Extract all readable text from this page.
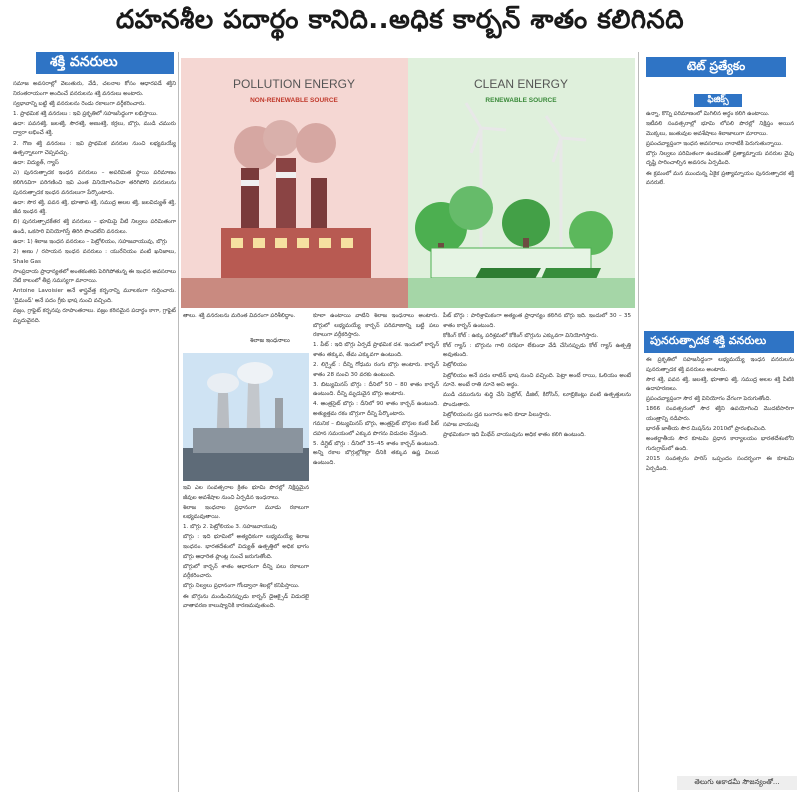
దహనశీల పదార్థం కానిది..అధిక కార్బన్ శాతం కలిగినది
శక్తి వనరులు

సమాజ అవసరాల్లో వెలుతురు, వేడి, చలనాల కోసం ఆధారపడే శక్తిని నిరంతరాయంగా అందించే వనరులను శక్తి వనరులు అంటారు.

స్వభావాన్ని బట్టి శక్తి వనరులను రెండు రకాలుగా వర్గీకరించారు.

1. ప్రాథమిక శక్తి వనరులు : ఇవి ప్రకృతిలో సహజసిద్ధంగా లభిస్తాయి.

ఉదా: పవనశక్తి, జలశక్తి, సౌరశక్తి, అణుశక్తి, కర్రలు, బొగ్గు, ముడి చమురు ద్వారా లభించే శక్తి.

2. గౌణ శక్తి వనరులు : ఇవి ప్రాథమిక వనరుల నుంచి లభ్యమయ్యే ఉత్పన్నాలుగా చెప్పవచ్చు.

ఉదా: విద్యుత్, గ్యాస్

ఎ) పునరుత్పాదక ఇంధన వనరులు – అపరిమిత స్థాయి పరిమాణం కలిగినవిగా పరిగణించి ఇవి ఎంత వినియోగించినా తరిగిపోని వనరులను పునరుత్పాదక ఇంధన వనరులుగా పేర్కొంటారు.

ఉదా: సౌర శక్తి, పవన శక్తి, భూతాప శక్తి, సముద్ర అలల శక్తి, జలవిద్యుత్ శక్తి, జీవ ఇంధన శక్తి.

బి) పునరుత్పాదకేతర శక్తి వనరులు – భూమిపై వీటి నిల్వలు పరిమితంగా ఉండి, ఒకసారి వినియోగిస్తే తిరిగి పొందలేని వనరులు.

ఉదా: 1) శిలాజ ఇంధన వనరులు – పెట్రోలియం, సహజవాయువు, బొగ్గు

2) అణు / రసాయన ఇంధన వనరులు : యురేనియం వంటి ఖనిజాలు, Shale Gas

సాంప్రదాయ ప్రాధాన్యతలో అంతకంతకు పెరిగిపోతున్న ఈ ఇంధన అవసరాలు నేటి కాలంలో తీవ్ర సమస్యగా మారాయి.

Antoine Lavoisier అనే శాస్త్రవేత్త కర్బనాన్ని మూలకంగా గుర్తించారు. 'డైమండ్' అనే పదం గ్రీకు భాష నుంచి వచ్చింది.

వజ్రం, గ్రాఫైట్ కర్బనపు రూపాంతరాలు. వజ్రం కఠినమైన పదార్థం కాగా, గ్రాఫైట్ మృదువైనది.

POLLUTION ENERGY
NON-RENEWABLE SOURCE
CLEAN ENERGY
RENEWABLE SOURCE

తాలు. శక్తి వనరులను మరింత వివరంగా పరిశీలిద్దాం.

శిలాజ ఇంధనాలు

ఇవి ఎల సంవత్సరాల క్రితం భూమి పొరల్లో నిక్షిప్తమైన జీవుల అవశేషాల నుంచి ఏర్పడిన ఇంధనాలు.

శిలాజ ఇంధనాల ప్రధానంగా మూడు రకాలుగా లభ్యమవుతాయి.

1. బొగ్గు 2. పెట్రోలియం 3. సహజవాయువు

బొగ్గు : ఇది భూమిలో అత్యధికంగా లభ్యమయ్యే శిలాజ ఇంధనం. భారతదేశంలో విద్యుత్ ఉత్పత్తిలో అధిక భాగం బొగ్గు ఆధారిత ప్లాంట్ల నుంచే జరుగుతోంది.

బొగ్గులో కార్బన్ శాతం ఆధారంగా దీన్ని పలు రకాలుగా వర్గీకరించారు.

బొగ్గు నిల్వలు ప్రధానంగా గోండ్వానా శిలల్లో కనిపిస్తాయి.

ఈ బొగ్గును మండించినప్పుడు కార్బన్ డైఆక్సైడ్ విడుదలై వాతావరణ కాలుష్యానికి కారణమవుతుంది.

కూలా ఉంటాయి వాటిని శిలాజ ఇంధనాలు అంటారు. బొగ్గులో లభ్యమయ్యే కార్బన్ పరిమాణాన్ని బట్టి పలు రకాలుగా వర్గీకరిస్తారు.

1. పీట్ : ఇది బొగ్గు ఏర్పడే ప్రాథమిక దశ. ఇందులో కార్బన్ శాతం తక్కువ, తేమ ఎక్కువగా ఉంటుంది.

2. లిగ్నైట్ : దీన్ని గోధుమ రంగు బొగ్గు అంటారు. కార్బన్ శాతం 28 నుంచి 30 వరకు ఉంటుంది.

3. బిట్యుమినస్ బొగ్గు : దీనిలో 50 – 80 శాతం కార్బన్ ఉంటుంది. దీన్ని మృదువైన బొగ్గు అంటారు.

4. ఆంత్రసైట్ బొగ్గు : దీనిలో 90 శాతం కార్బన్ ఉంటుంది. అత్యుత్తమ రకం బొగ్గుగా దీన్ని పేర్కొంటారు.

గమనిక – బిట్యుమినస్ బొగ్గు, ఆంత్రసైట్ బొగ్గుల కంటే పీట్ దహన సమయంలో ఎక్కువ పొగను విడుదల చేస్తుంది.

5. డిగ్గైట్ బొగ్గు : దీనిలో 35–45 శాతం కార్బన్ ఉంటుంది. అన్ని రకాల బొగ్గుల్లోకెల్లా దీనికి తక్కువ ఉష్ణ విలువ ఉంటుంది.

పీట్ బొగ్గు : పారిశ్రామికంగా అత్యంత ప్రాధాన్యం కలిగిన బొగ్గు ఇది. ఇందులో 30 – 35 శాతం కార్బన్ ఉంటుంది.

కోకింగ్ కోల్ : ఉక్కు పరిశ్రమలో కోకింగ్ బొగ్గును ఎక్కువగా వినియోగిస్తారు.

కోల్ గ్యాస్ : బొగ్గును గాలి సరఫరా లేకుండా వేడి చేసినప్పుడు కోల్ గ్యాస్ ఉత్పత్తి అవుతుంది.

పెట్రోలియం

పెట్రోలియం అనే పదం లాటిన్ భాష నుంచి వచ్చింది. పెట్రా అంటే రాయి, ఓలియం అంటే నూనె. అంటే రాతి నూనె అని అర్థం.

ముడి చమురును శుద్ధి చేసి పెట్రోల్, డీజిల్, కిరోసిన్, లూబ్రికెంట్లు వంటి ఉత్పత్తులను పొందుతారు.

పెట్రోలియంను ద్రవ బంగారం అని కూడా పిలుస్తారు.

సహజ వాయువు

ప్రాథమికంగా ఇది మీథేన్ వాయువును అధిక శాతం కలిగి ఉంటుంది.

టెట్ ప్రత్యేకం
ఫిజిక్స్

ఉన్నా, కొన్ని పరిమాణంలో మిగిలిన అర్థం కలిగి ఉంటాయి.

ఇటీవలి సంవత్సరాల్లో భూమి లోపలి పొరల్లో నిక్షిప్తం అయిన మొక్కలు, జంతువుల అవశేషాలు శిలాజాలుగా మారాయి.

ప్రపంచవ్యాప్తంగా ఇంధన అవసరాలు నానాటికీ పెరుగుతున్నాయి.

బొగ్గు నిల్వలు పరిమితంగా ఉండటంతో ప్రత్యామ్నాయ వనరుల వైపు దృష్టి సారించాల్సిన అవసరం ఏర్పడింది.

ఈ క్రమంలో మన ముందున్న ఏకైక ప్రత్యామ్నాయం పునరుత్పాదక శక్తి వనరులే.

పునరుత్పాదక శక్తి వనరులు

ఈ ప్రకృతిలో సహజసిద్ధంగా లభ్యమయ్యే ఇంధన వనరులను పునరుత్పాదక శక్తి వనరులు అంటారు.

సౌర శక్తి, పవన శక్తి, జలశక్తి, భూతాప శక్తి, సముద్ర అలల శక్తి వీటికి ఉదాహరణలు.

ప్రపంచవ్యాప్తంగా సౌర శక్తి వినియోగం వేగంగా పెరుగుతోంది.

1866 సంవత్సరంలో సౌర శక్తిని ఉపయోగించి మొదటిసారిగా యంత్రాన్ని నడిపారు.

భారత్ జాతీయ సౌర మిషన్‌ను 2010లో ప్రారంభించింది.

అంతర్జాతీయ సౌర కూటమి ప్రధాన కార్యాలయం భారతదేశంలోని గురుగ్రామ్‌లో ఉంది.

2015 సంవత్సరం పారిస్ ఒప్పందం సందర్భంగా ఈ కూటమి ఏర్పడింది.

తెలుగు అకాడమీ సౌజన్యంతో...
